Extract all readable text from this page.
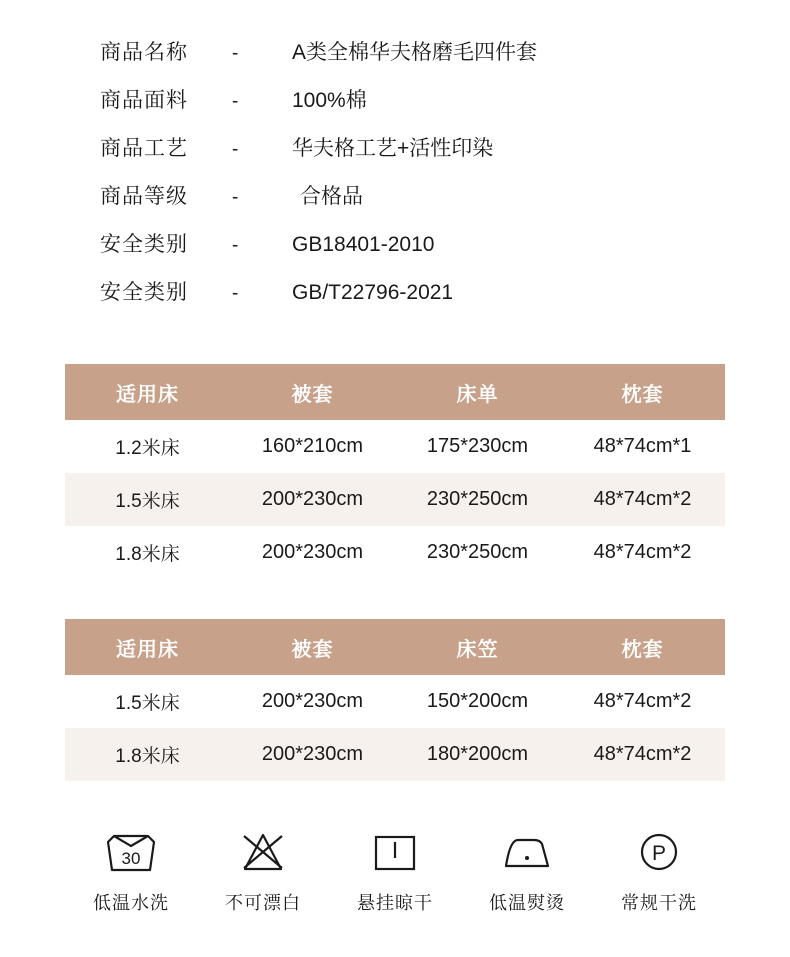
商品名称	-	A类全棉华夫格磨毛四件套
商品面料	-	100%棉
商品工艺	-	华夫格工艺+活性印染
商品等级	-	合格品
安全类别	-	GB18401-2010
安全类别	-	GB/T22796-2021
适用床	被套	床单	枕套
1.2米床	160*210cm	175*230cm	48*74cm*1
1.5米床	200*230cm	230*250cm	48*74cm*2
1.8米床	200*230cm	230*250cm	48*74cm*2
适用床	被套	床笠	枕套
1.5米床	200*230cm	150*200cm	48*74cm*2
1.8米床	200*230cm	180*200cm	48*74cm*2
30
低温水洗	不可漂白	悬挂晾干	低温熨烫
P
常规干洗
